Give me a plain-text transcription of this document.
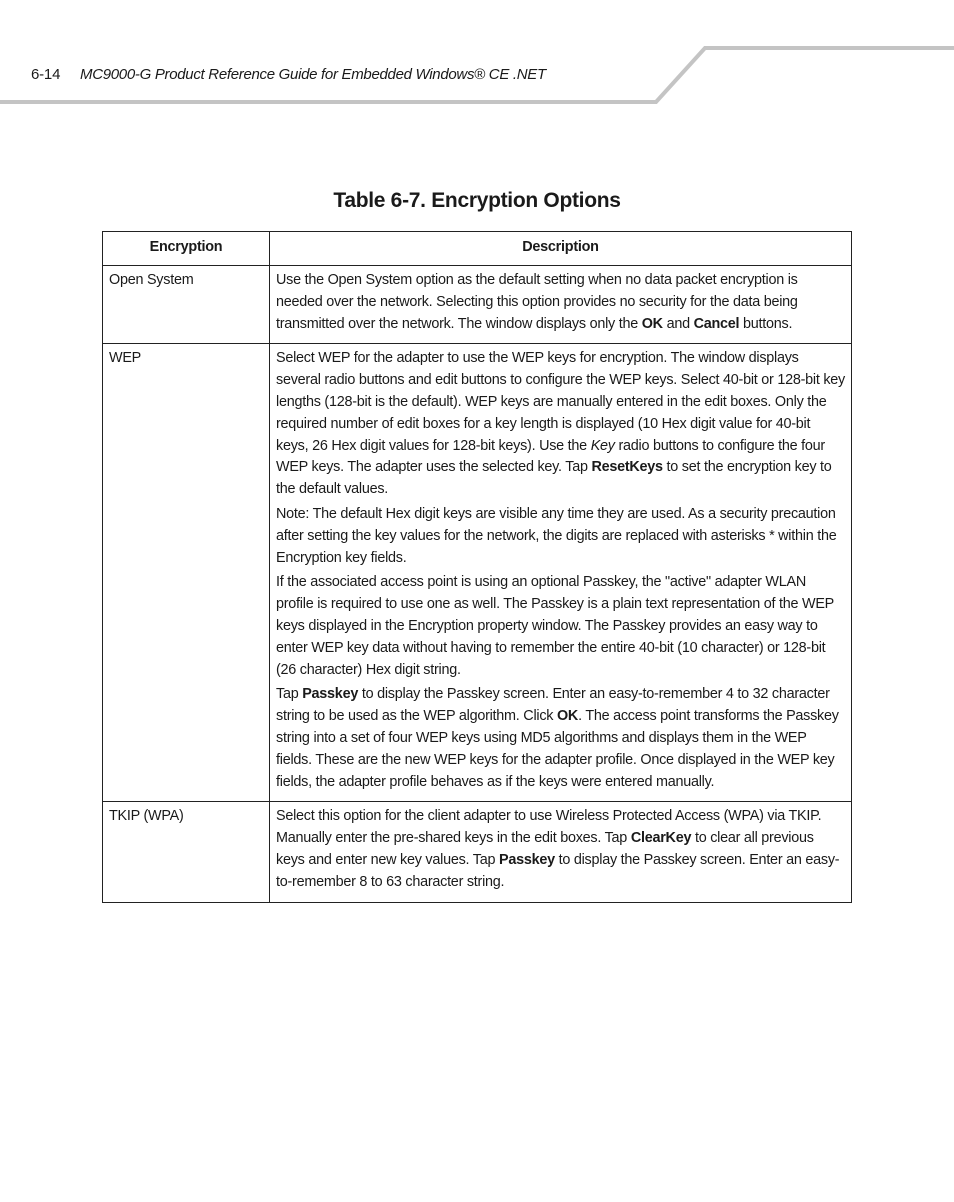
6-14 MC9000-G Product Reference Guide for Embedded Windows® CE .NET
Table 6-7. Encryption Options
Encryption	Description
Open System	Use the Open System option as the default setting when no data packet encryption is needed over the network. Selecting this option provides no security for the data being transmitted over the network. The window displays only the OK and Cancel buttons.

WEP	Select WEP for the adapter to use the WEP keys for encryption. The window displays several radio buttons and edit buttons to configure the WEP keys. Select 40-bit or 128-bit key lengths (128-bit is the default). WEP keys are manually entered in the edit boxes. Only the required number of edit boxes for a key length is displayed (10 Hex digit value for 40-bit keys, 26 Hex digit values for 128-bit keys). Use the Key radio buttons to configure the four WEP keys. The adapter uses the selected key. Tap ResetKeys to set the encryption key to the default values.

Note: The default Hex digit keys are visible any time they are used. As a security precaution after setting the key values for the network, the digits are replaced with asterisks * within the Encryption key fields.

If the associated access point is using an optional Passkey, the "active" adapter WLAN profile is required to use one as well. The Passkey is a plain text representation of the WEP keys displayed in the Encryption property window. The Passkey provides an easy way to enter WEP key data without having to remember the entire 40-bit (10 character) or 128-bit (26 character) Hex digit string.

Tap Passkey to display the Passkey screen. Enter an easy-to-remember 4 to 32 character string to be used as the WEP algorithm. Click OK. The access point transforms the Passkey string into a set of four WEP keys using MD5 algorithms and displays them in the WEP fields. These are the new WEP keys for the adapter profile. Once displayed in the WEP key fields, the adapter profile behaves as if the keys were entered manually.

TKIP (WPA)	Select this option for the client adapter to use Wireless Protected Access (WPA) via TKIP. Manually enter the pre-shared keys in the edit boxes. Tap ClearKey to clear all previous keys and enter new key values. Tap Passkey to display the Passkey screen. Enter an easy-to-remember 8 to 63 character string.
